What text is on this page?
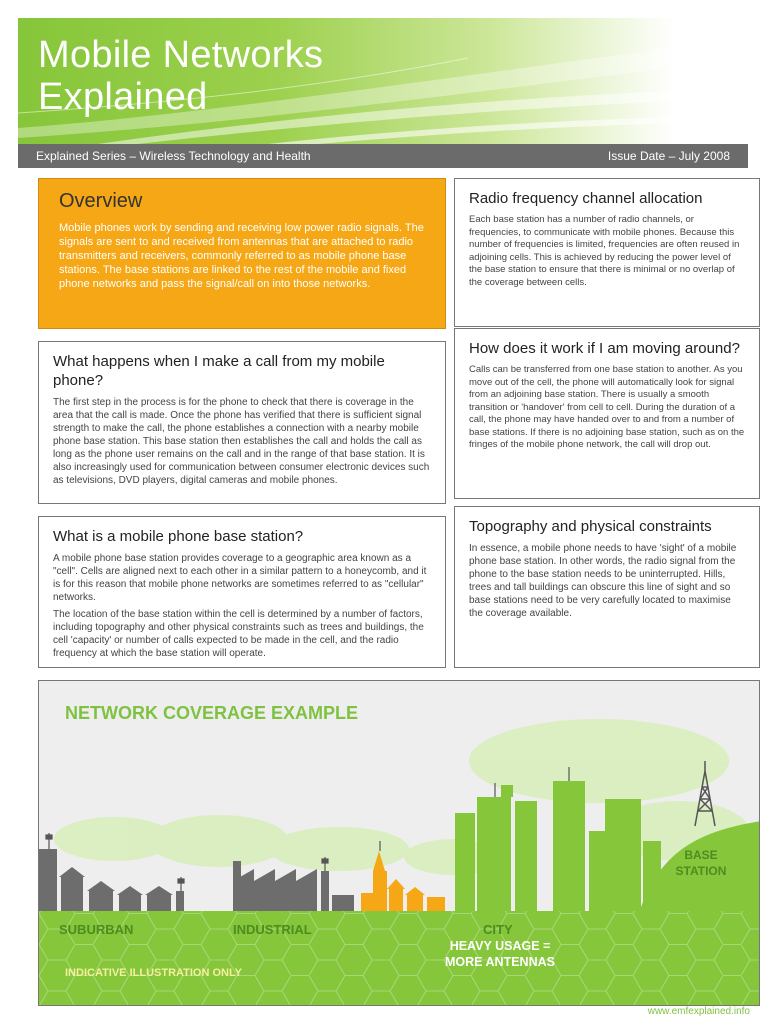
Mobile Networks
Explained
Explained Series – Wireless Technology and Health	Issue Date – July 2008
Overview

Mobile phones work by sending and receiving low power radio signals. The signals are sent to and received from antennas that are attached to radio transmitters and receivers, commonly referred to as mobile phone base stations. The base stations are linked to the rest of the mobile and fixed phone networks and pass the signal/call on into those networks.

What happens when I make a call from my mobile phone?

The first step in the process is for the phone to check that there is coverage in the area that the call is made. Once the phone has verified that there is sufficient signal strength to make the call, the phone establishes a connection with a nearby mobile phone base station. This base station then establishes the call and holds the call as long as the phone user remains on the call and in the range of that base station. It is also increasingly used for communication between consumer electronic devices such as televisions, DVD players, digital cameras and mobile phones.

What is a mobile phone base station?

A mobile phone base station provides coverage to a geographic area known as a "cell". Cells are aligned next to each other in a similar pattern to a honeycomb, and it is for this reason that mobile phone networks are sometimes referred to as "cellular" networks.

The location of the base station within the cell is determined by a number of factors, including topography and other physical constraints such as trees and buildings, the cell 'capacity' or number of calls expected to be made in the cell, and the radio frequency at which the base station will operate.

Radio frequency channel allocation

Each base station has a number of radio channels, or frequencies, to communicate with mobile phones. Because this number of frequencies is limited, frequencies are often reused in adjoining cells. This is achieved by reducing the power level of the base station to ensure that there is minimal or no overlap of the coverage between cells.

How does it work if I am moving around?

Calls can be transferred from one base station to another. As you move out of the cell, the phone will automatically look for signal from an adjoining base station. There is usually a smooth transition or 'handover' from cell to cell. During the duration of a call, the phone may have handed over to and from a number of base stations. If there is no adjoining base station, such as on the fringes of the mobile phone network, the call will drop out.

Topography and physical constraints

In essence, a mobile phone needs to have 'sight' of a mobile phone base station. In other words, the radio signal from the phone to the base station needs to be uninterrupted. Hills, trees and tall buildings can obscure this line of sight and so base stations need to be very carefully located to maximise the coverage available.

NETWORK COVERAGE EXAMPLE
BASE
STATION
SUBURBAN	INDUSTRIAL	CITY
HEAVY USAGE =
MORE ANTENNAS
INDICATIVE ILLUSTRATION ONLY
www.emfexplained.info
